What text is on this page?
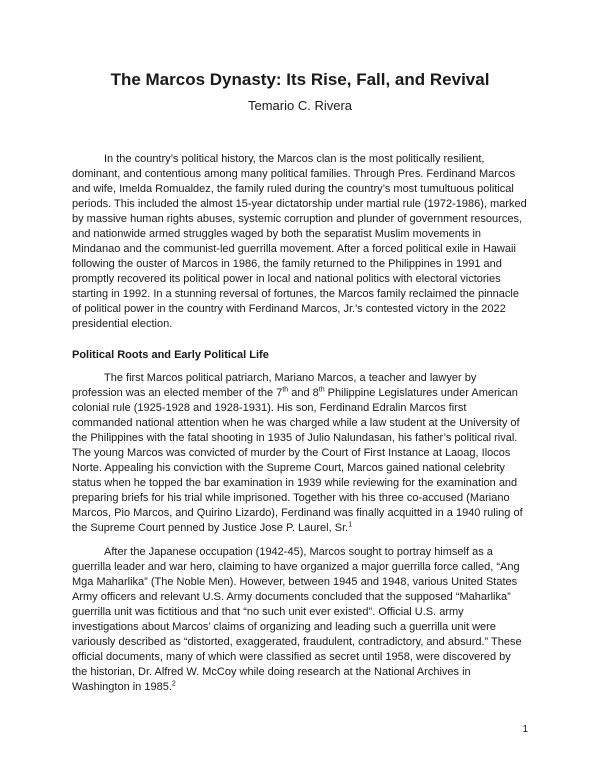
The Marcos Dynasty: Its Rise, Fall, and Revival
Temario C. Rivera

In the country’s political history, the Marcos clan is the most politically resilient, dominant, and contentious among many political families. Through Pres. Ferdinand Marcos and wife, Imelda Romualdez, the family ruled during the country’s most tumultuous political periods. This included the almost 15-year dictatorship under martial rule (1972-1986), marked by massive human rights abuses, systemic corruption and plunder of government resources, and nationwide armed struggles waged by both the separatist Muslim movements in Mindanao and the communist-led guerrilla movement. After a forced political exile in Hawaii following the ouster of Marcos in 1986, the family returned to the Philippines in 1991 and promptly recovered its political power in local and national politics with electoral victories starting in 1992. In a stunning reversal of fortunes, the Marcos family reclaimed the pinnacle of political power in the country with Ferdinand Marcos, Jr.'s contested victory in the 2022 presidential election.

Political Roots and Early Political Life

The first Marcos political patriarch, Mariano Marcos, a teacher and lawyer by profession was an elected member of the 7th and 8th Philippine Legislatures under American colonial rule (1925-1928 and 1928-1931). His son, Ferdinand Edralin Marcos first commanded national attention when he was charged while a law student at the University of the Philippines with the fatal shooting in 1935 of Julio Nalundasan, his father’s political rival. The young Marcos was convicted of murder by the Court of First Instance at Laoag, Ilocos Norte. Appealing his conviction with the Supreme Court, Marcos gained national celebrity status when he topped the bar examination in 1939 while reviewing for the examination and preparing briefs for his trial while imprisoned. Together with his three co-accused (Mariano Marcos, Pio Marcos, and Quirino Lizardo), Ferdinand was finally acquitted in a 1940 ruling of the Supreme Court penned by Justice Jose P. Laurel, Sr.$^1$

After the Japanese occupation (1942-45), Marcos sought to portray himself as a guerrilla leader and war hero, claiming to have organized a major guerrilla force called, “Ang Mga Maharlika” (The Noble Men). However, between 1945 and 1948, various United States Army officers and relevant U.S. Army documents concluded that the supposed “Maharlika” guerrilla unit was fictitious and that “no such unit ever existed”. Official U.S. army investigations about Marcos’ claims of organizing and leading such a guerrilla unit were variously described as “distorted, exaggerated, fraudulent, contradictory, and absurd.” These official documents, many of which were classified as secret until 1958, were discovered by the historian, Dr. Alfred W. McCoy while doing research at the National Archives in Washington in 1985.$^2$

1
